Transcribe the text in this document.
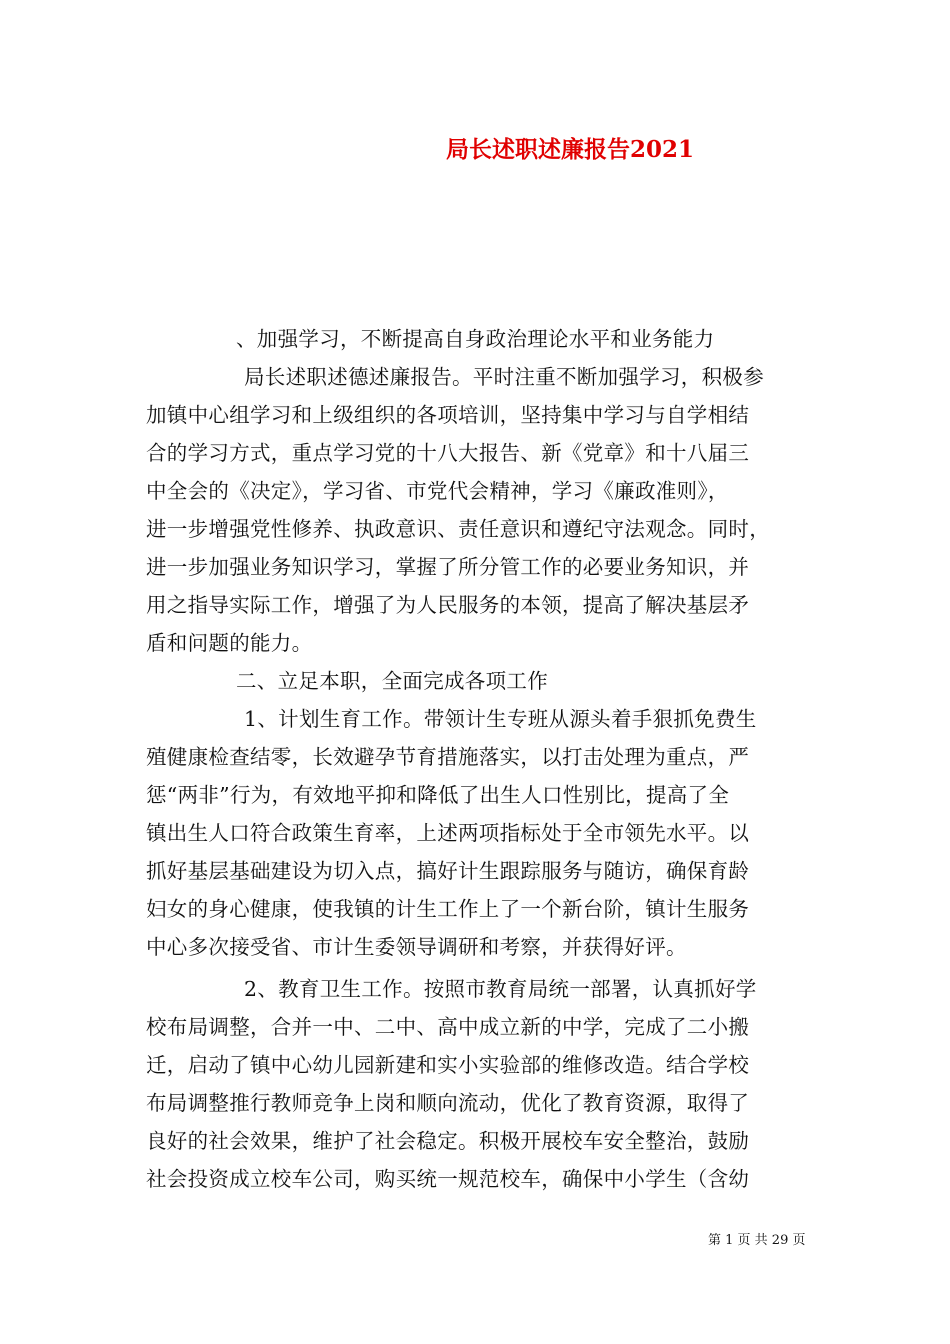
局长述职述廉报告2021
、加强学习，不断提高自身政治理论水平和业务能力
局长述职述德述廉报告。平时注重不断加强学习，积极参
加镇中心组学习和上级组织的各项培训，坚持集中学习与自学相结
合的学习方式，重点学习党的十八大报告、新《党章》和十八届三
中全会的《决定》，学习省、市党代会精神，学习《廉政准则》，
进一步增强党性修养、执政意识、责任意识和遵纪守法观念。同时，
进一步加强业务知识学习，掌握了所分管工作的必要业务知识，并
用之指导实际工作，增强了为人民服务的本领，提高了解决基层矛
盾和问题的能力。
二、立足本职，全面完成各项工作
1、计划生育工作。带领计生专班从源头着手狠抓免费生
殖健康检查结零，长效避孕节育措施落实，以打击处理为重点，严
惩“两非”行为，有效地平抑和降低了出生人口性别比，提高了全
镇出生人口符合政策生育率，上述两项指标处于全市领先水平。以
抓好基层基础建设为切入点，搞好计生跟踪服务与随访，确保育龄
妇女的身心健康，使我镇的计生工作上了一个新台阶，镇计生服务
中心多次接受省、市计生委领导调研和考察，并获得好评。
2、教育卫生工作。按照市教育局统一部署，认真抓好学
校布局调整，合并一中、二中、高中成立新的中学，完成了二小搬
迁，启动了镇中心幼儿园新建和实小实验部的维修改造。结合学校
布局调整推行教师竞争上岗和顺向流动，优化了教育资源，取得了
良好的社会效果，维护了社会稳定。积极开展校车安全整治，鼓励
社会投资成立校车公司，购买统一规范校车，确保中小学生（含幼
第 1 页 共 29 页
